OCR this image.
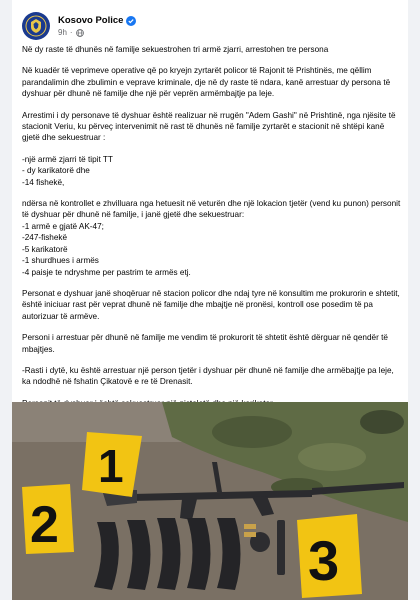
Kosovo Police
9h ·

Në dy raste të dhunës në familje sekuestrohen tri armë zjarri, arrestohen tre persona

Në kuadër të veprimeve operative që po kryejn zyrtarët policor të Rajonit të Prishtinës, me qëllim parandalimin dhe zbulimin e veprave kriminale, dje në dy raste të ndara, kanë arrestuar dy persona të dyshuar për dhunë në familje dhe një për veprën armëmbajtje pa leje.

Arrestimi i dy personave të dyshuar është realizuar në rrugën "Adem Gashi" në Prishtinë, nga njësite të stacionit Veriu, ku përveç intervenimit në rast të dhunës në familje zyrtarët e stacionit në shtëpi kanë gjetë dhe sekuestruar :

-një armë zjarri të tipit TT
- dy karikatorë dhe
-14 fishekë,

ndërsa në kontrollet e zhvilluara nga hetuesit në veturën dhe një lokacion tjetër (vend ku punon) personit të dyshuar për dhunë në familje, i janë gjetë dhe sekuestruar:
-1 armë e gjatë AK-47;
-247-fishekë
-5 karikatorë
-1 shurdhues i armës
-4 paisje te ndryshme per pastrim te armës etj.

Personat e dyshuar janë shoqëruar në stacion policor dhe ndaj tyre në konsultim me prokurorin e shtetit, është iniciuar rast për veprat dhunë në familje dhe mbajtje në pronësi, kontroll ose posedim të pa autorizuar të armëve.

Personi i arrestuar për dhunë në familje me vendim të prokurorit të shtetit është dërguar në qendër të mbajtjes.

-Rasti i dytë, ku është arrestuar një person tjetër i dyshuar për dhunë në familje dhe armëbajtje pa leje, ka ndodhë në fshatin Çikatovë e re të Drenasit.

1
2
3
